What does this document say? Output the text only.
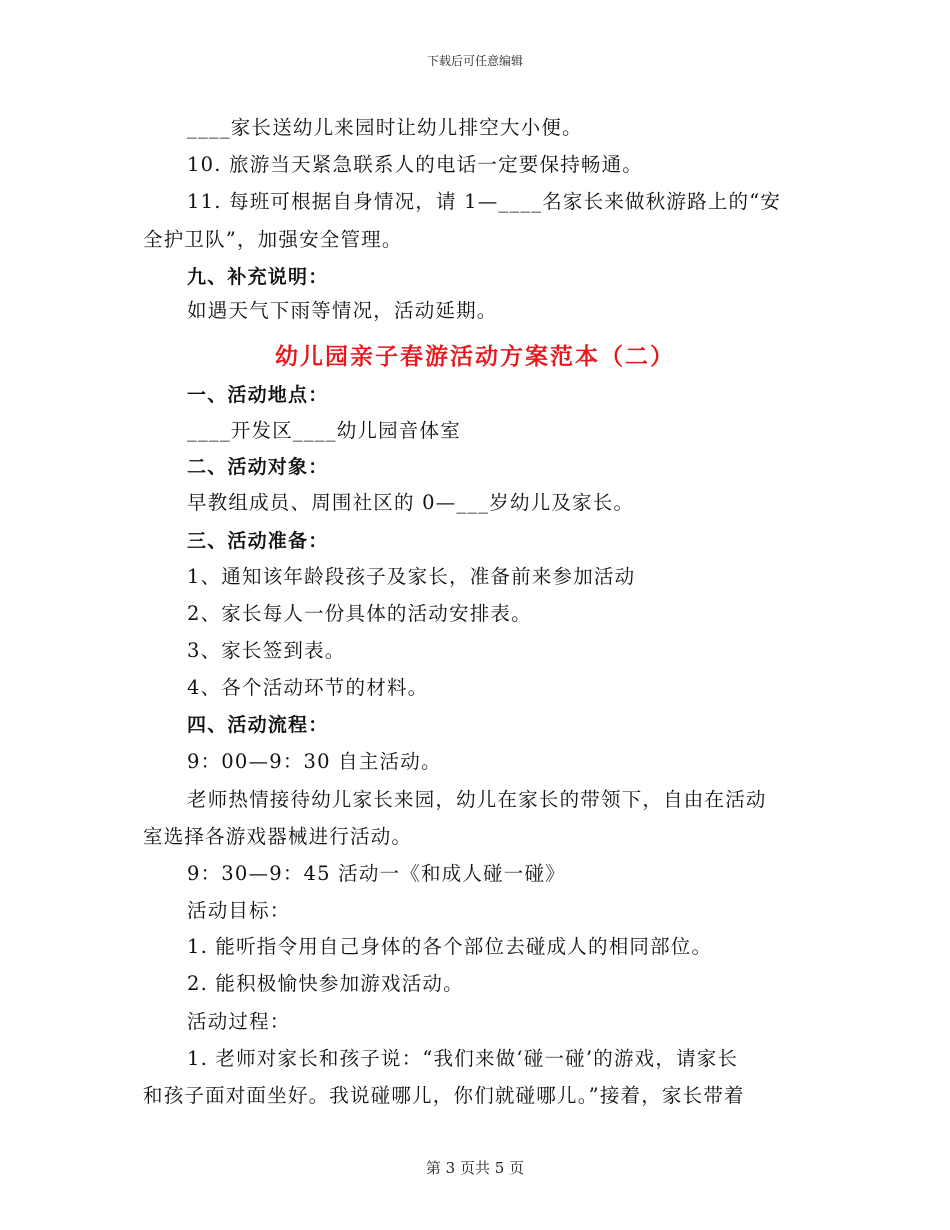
下载后可任意编辑
____家长送幼儿来园时让幼儿排空大小便。
10. 旅游当天紧急联系人的电话一定要保持畅通。
11. 每班可根据自身情况，请 1—____名家长来做秋游路上的“安
全护卫队”，加强安全管理。
九、补充说明：
如遇天气下雨等情况，活动延期。
幼儿园亲子春游活动方案范本（二）
一、活动地点：
____开发区____幼儿园音体室
二、活动对象：
早教组成员、周围社区的 0—___岁幼儿及家长。
三、活动准备：
1、通知该年龄段孩子及家长，准备前来参加活动
2、家长每人一份具体的活动安排表。
3、家长签到表。
4、各个活动环节的材料。
四、活动流程：
9：00—9：30 自主活动。
老师热情接待幼儿家长来园，幼儿在家长的带领下，自由在活动
室选择各游戏器械进行活动。
9：30—9：45 活动一《和成人碰一碰》
活动目标：
1. 能听指令用自己身体的各个部位去碰成人的相同部位。
2. 能积极愉快参加游戏活动。
活动过程：
1. 老师对家长和孩子说：“我们来做‘碰一碰’的游戏，请家长
和孩子面对面坐好。我说碰哪儿，你们就碰哪儿。”接着，家长带着
第 3 页共 5 页
